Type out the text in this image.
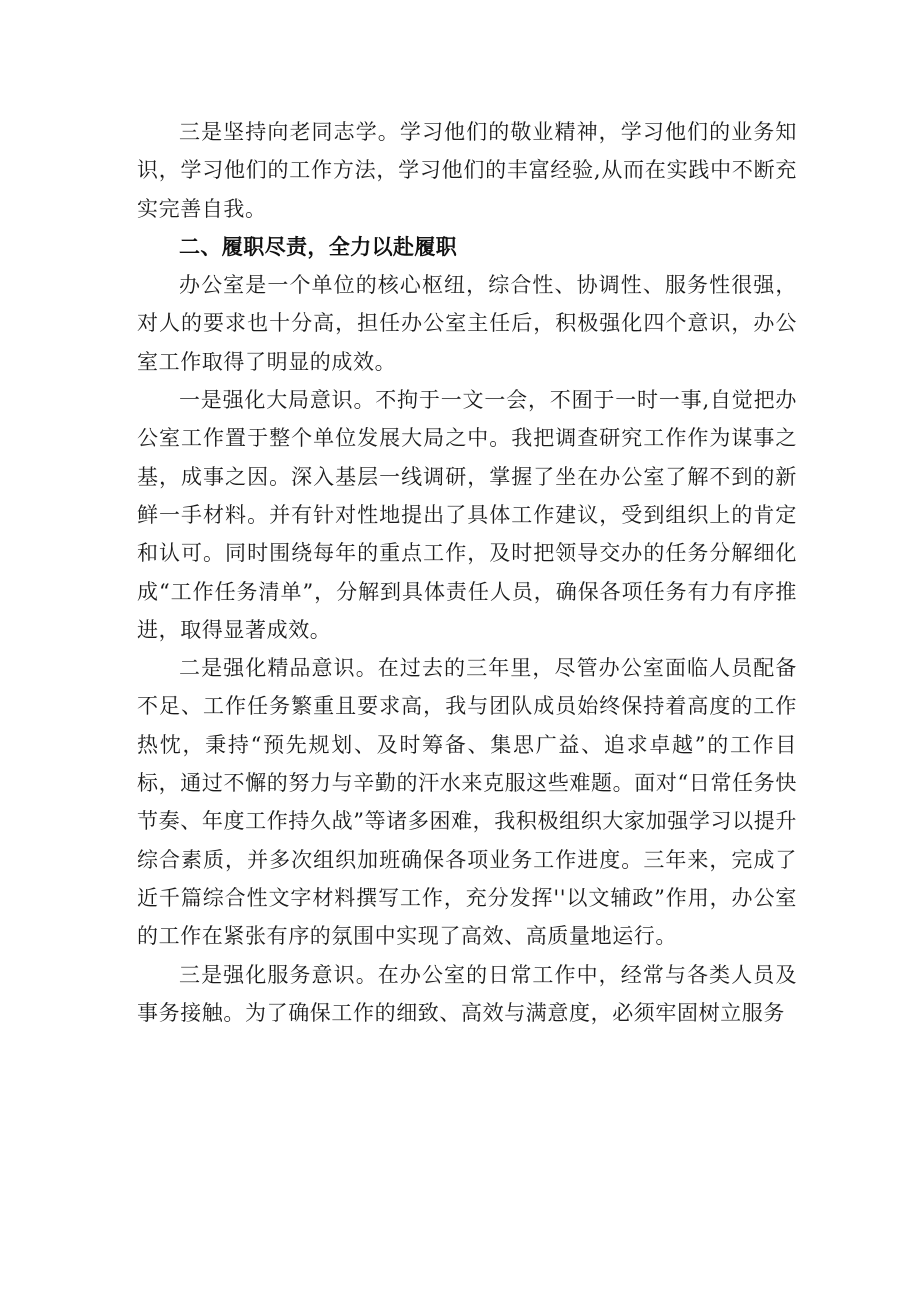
三是坚持向老同志学。学习他们的敬业精神，学习他们的业务知识，学习他们的工作方法，学习他们的丰富经验,从而在实践中不断充实完善自我。

二、履职尽责，全力以赴履职

办公室是一个单位的核心枢纽，综合性、协调性、服务性很强，对人的要求也十分高，担任办公室主任后，积极强化四个意识，办公室工作取得了明显的成效。

一是强化大局意识。不拘于一文一会，不囿于一时一事,自觉把办公室工作置于整个单位发展大局之中。我把调查研究工作作为谋事之基，成事之因。深入基层一线调研，掌握了坐在办公室了解不到的新鲜一手材料。并有针对性地提出了具体工作建议，受到组织上的肯定和认可。同时围绕每年的重点工作，及时把领导交办的任务分解细化成“工作任务清单”，分解到具体责任人员，确保各项任务有力有序推进，取得显著成效。

二是强化精品意识。在过去的三年里，尽管办公室面临人员配备不足、工作任务繁重且要求高，我与团队成员始终保持着高度的工作热忱，秉持“预先规划、及时筹备、集思广益、追求卓越”的工作目标，通过不懈的努力与辛勤的汗水来克服这些难题。面对“日常任务快节奏、年度工作持久战”等诸多困难，我积极组织大家加强学习以提升综合素质，并多次组织加班确保各项业务工作进度。三年来，完成了近千篇综合性文字材料撰写工作，充分发挥''以文辅政”作用，办公室的工作在紧张有序的氛围中实现了高效、高质量地运行。

三是强化服务意识。在办公室的日常工作中，经常与各类人员及事务接触。为了确保工作的细致、高效与满意度，必须牢固树立服务
